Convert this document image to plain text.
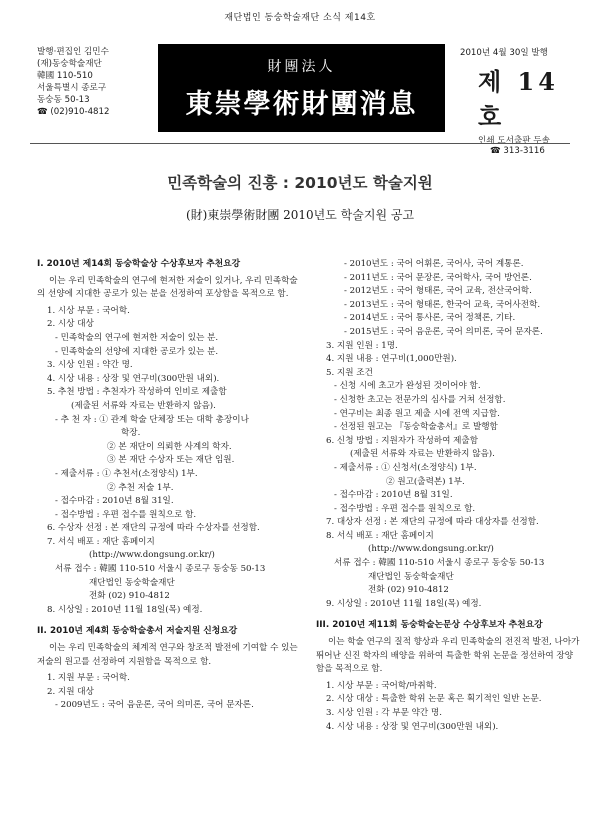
재단법인 동숭학술재단 소식 제14호
발행·편집인 김민수
(재)동숭학술재단
韓國 110-510
서울특별시 종로구
동숭동 50-13
☎ (02)910-4812
財團法人
東崇學術財團消息
2010년 4월 30일 발행
제 14 호
인쇄 도서출판 두솔
☎ 313-3116
민족학술의 진흥 : 2010년도 학술지원
(財)東崇學術財團 2010년도 학술지원 공고
I. 2010년 제14회 동숭학술상 수상후보자 추천요강
이는 우리 민족학술의 연구에 현저한 저술이 있거나, 우리 민족학술의 선양에 지대한 공로가 있는 분을 선정하여 포상함을 목적으로 함.
1. 시상 부문 : 국어학.
2. 시상 대상
- 민족학술의 연구에 현저한 저술이 있는 분.
- 민족학술의 선양에 지대한 공로가 있는 분.
3. 시상 인원 : 약간 명.
4. 시상 내용 : 상장 및 연구비(300만원 내외).
5. 추천 방법 : 추천자가 작성하여 인비로 제출함
(제출된 서류와 자료는 반환하지 않음).
- 추 천 자 : ① 관계 학술 단체장 또는 대학 총장이나
학장.
② 본 재단이 의뢰한 사계의 학자.
③ 본 재단 수상자 또는 재단 임원.
- 제출서류 : ① 추천서(소정양식) 1부.
② 추천 저술 1부.
- 접수마감 : 2010년 8월 31일.
- 접수방법 : 우편 접수를 원칙으로 함.
6. 수상자 선정 : 본 재단의 규정에 따라 수상자를 선정함.
7. 서식 배포 : 재단 홈페이지
(http://www.dongsung.or.kr/)
서류 접수 : 韓國 110-510 서울시 종로구 동숭동 50-13
재단법인 동숭학술재단
전화 (02) 910-4812
8. 시상일 : 2010년 11월 18일(목) 예정.
II. 2010년 제4회 동숭학술총서 저술지원 신청요강
이는 우리 민족학술의 체계적 연구와 창조적 발전에 기여할 수 있는 저술의 원고를 선정하여 지원함을 목적으로 함.
1. 지원 부문 : 국어학.
2. 지원 대상
- 2009년도 : 국어 음운론, 국어 의미론, 국어 문자론.
- 2010년도 : 국어 어휘론, 국어사, 국어 계통론.
- 2011년도 : 국어 문장론, 국어학사, 국어 방언론.
- 2012년도 : 국어 형태론, 국어 교육, 전산국어학.
- 2013년도 : 국어 형태론, 한국어 교육, 국어사전학.
- 2014년도 : 국어 통사론, 국어 정책론, 기타.
- 2015년도 : 국어 음운론, 국어 의미론, 국어 문자론.
3. 지원 인원 : 1명.
4. 지원 내용 : 연구비(1,000만원).
5. 지원 조건
- 신청 시에 초고가 완성된 것이어야 함.
- 신청한 초고는 전문가의 심사를 거쳐 선정함.
- 연구비는 최종 원고 제출 시에 전액 지급함.
- 선정된 원고는 『동숭학술총서』로 발행함
6. 신청 방법 : 지원자가 작성하여 제출함
(제출된 서류와 자료는 반환하지 않음).
- 제출서류 : ① 신청서(소정양식) 1부.
② 원고(출력본) 1부.
- 접수마감 : 2010년 8월 31일.
- 접수방법 : 우편 접수를 원칙으로 함.
7. 대상자 선정 : 본 재단의 규정에 따라 대상자를 선정함.
8. 서식 배포 : 재단 홈페이지
(http://www.dongsung.or.kr/)
서류 접수 : 韓國 110-510 서울시 종로구 동숭동 50-13
재단법인 동숭학술재단
전화 (02) 910-4812
9. 시상일 : 2010년 11월 18일(목) 예정.
III. 2010년 제11회 동숭학술논문상 수상후보자 추천요강
이는 학술 연구의 질적 향상과 우리 민족학술의 전진적 발전, 나아가 뛰어난 신진 학자의 배양을 위하여 특출한 학위 논문을 정선하여 장양함을 목적으로 함.
1. 시상 부문 : 국어학/마취학.
2. 시상 대상 : 특출한 학위 논문 혹은 획기적인 일반 논문.
3. 시상 인원 : 각 부문 약간 명.
4. 시상 내용 : 상장 및 연구비(300만원 내외).
